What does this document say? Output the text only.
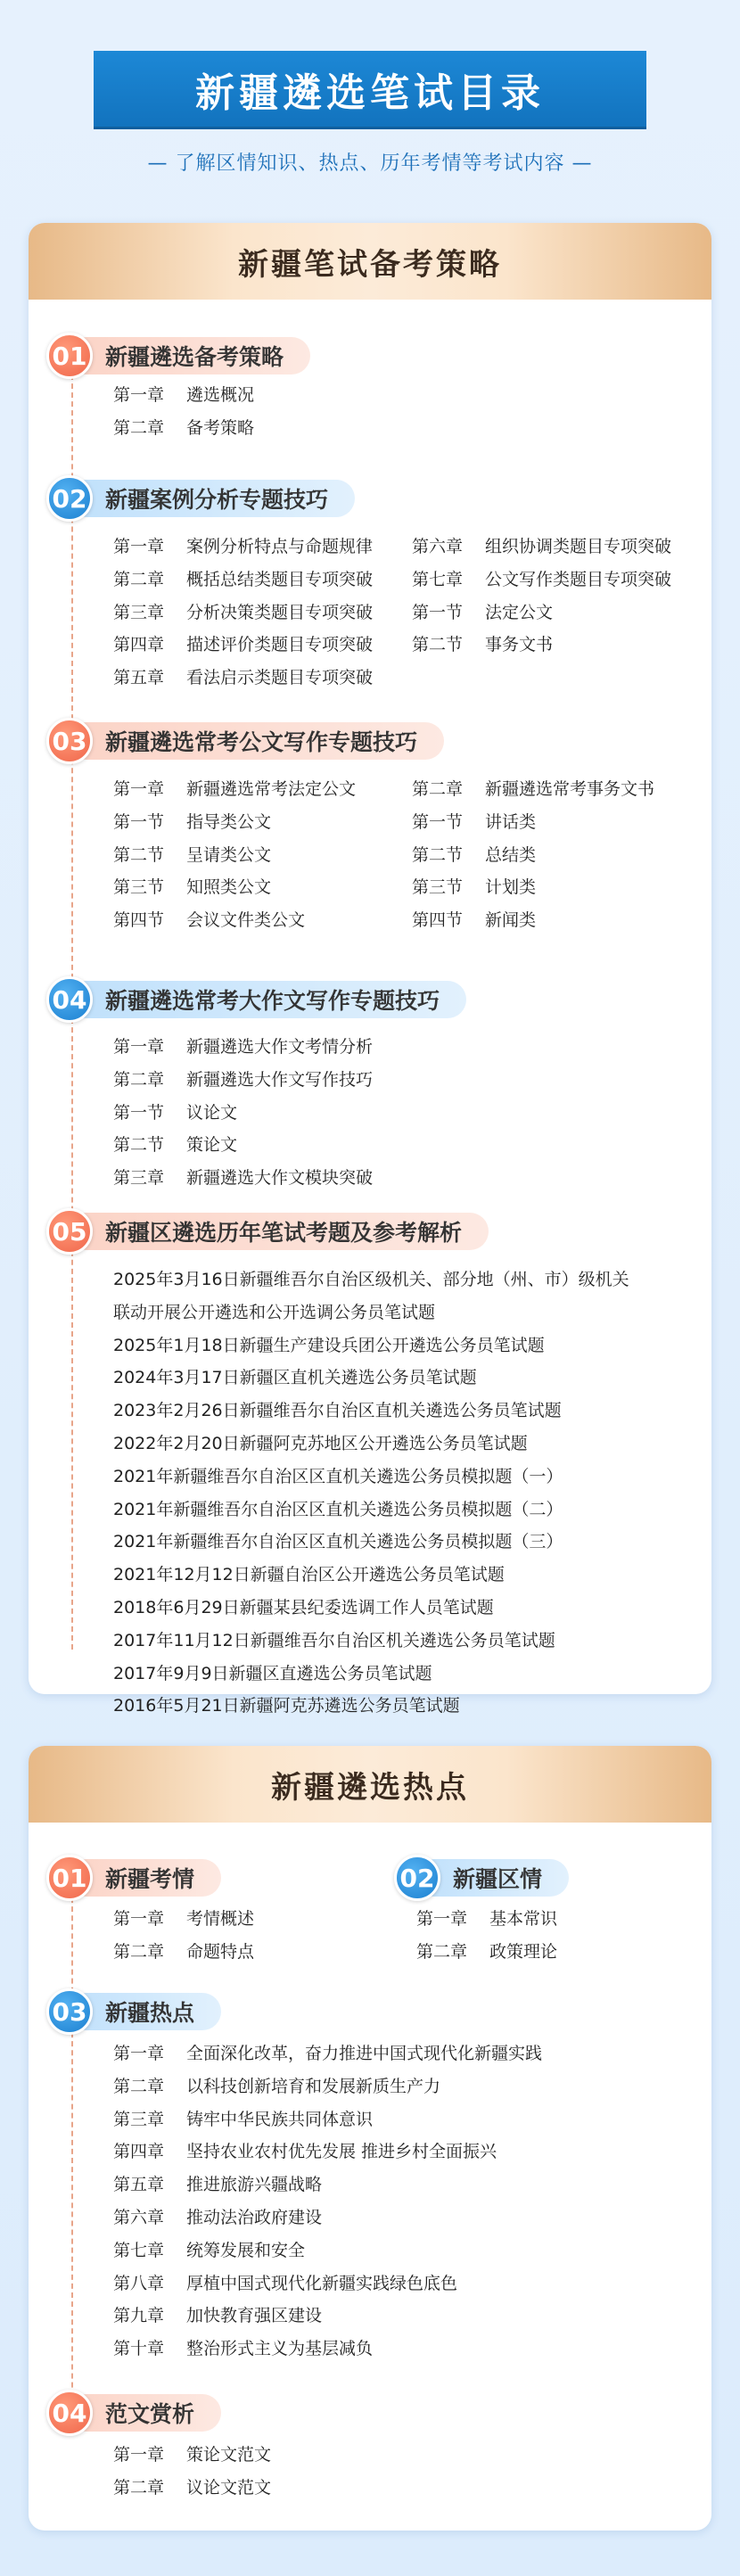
新疆遴选笔试目录
— 了解区情知识、热点、历年考情等考试内容 —
新疆笔试备考策略
新疆遴选备考策略
01
第一章 遴选概况
第二章 备考策略
新疆案例分析专题技巧
02
第一章 案例分析特点与命题规律
第二章 概括总结类题目专项突破
第三章 分析决策类题目专项突破
第四章 描述评价类题目专项突破
第五章 看法启示类题目专项突破
第六章 组织协调类题目专项突破
第七章 公文写作类题目专项突破
第一节 法定公文
第二节 事务文书
新疆遴选常考公文写作专题技巧
03
第一章 新疆遴选常考法定公文
第一节 指导类公文
第二节 呈请类公文
第三节 知照类公文
第四节 会议文件类公文
第二章 新疆遴选常考事务文书
第一节 讲话类
第二节 总结类
第三节 计划类
第四节 新闻类
新疆遴选常考大作文写作专题技巧
04
第一章 新疆遴选大作文考情分析
第二章 新疆遴选大作文写作技巧
第一节 议论文
第二节 策论文
第三章 新疆遴选大作文模块突破
新疆区遴选历年笔试考题及参考解析
05
2025年3月16日新疆维吾尔自治区级机关、部分地（州、市）级机关
联动开展公开遴选和公开选调公务员笔试题
2025年1月18日新疆生产建设兵团公开遴选公务员笔试题
2024年3月17日新疆区直机关遴选公务员笔试题
2023年2月26日新疆维吾尔自治区直机关遴选公务员笔试题
2022年2月20日新疆阿克苏地区公开遴选公务员笔试题
2021年新疆维吾尔自治区区直机关遴选公务员模拟题（一）
2021年新疆维吾尔自治区区直机关遴选公务员模拟题（二）
2021年新疆维吾尔自治区区直机关遴选公务员模拟题（三）
2021年12月12日新疆自治区公开遴选公务员笔试题
2018年6月29日新疆某县纪委选调工作人员笔试题
2017年11月12日新疆维吾尔自治区机关遴选公务员笔试题
2017年9月9日新疆区直遴选公务员笔试题
2016年5月21日新疆阿克苏遴选公务员笔试题
新疆遴选热点
新疆考情
01
第一章 考情概述
第二章 命题特点
新疆区情
02
第一章 基本常识
第二章 政策理论
新疆热点
03
第一章 全面深化改革，奋力推进中国式现代化新疆实践
第二章 以科技创新培育和发展新质生产力
第三章 铸牢中华民族共同体意识
第四章 坚持农业农村优先发展 推进乡村全面振兴
第五章 推进旅游兴疆战略
第六章 推动法治政府建设
第七章 统筹发展和安全
第八章 厚植中国式现代化新疆实践绿色底色
第九章 加快教育强区建设
第十章 整治形式主义为基层减负
范文赏析
04
第一章 策论文范文
第二章 议论文范文
